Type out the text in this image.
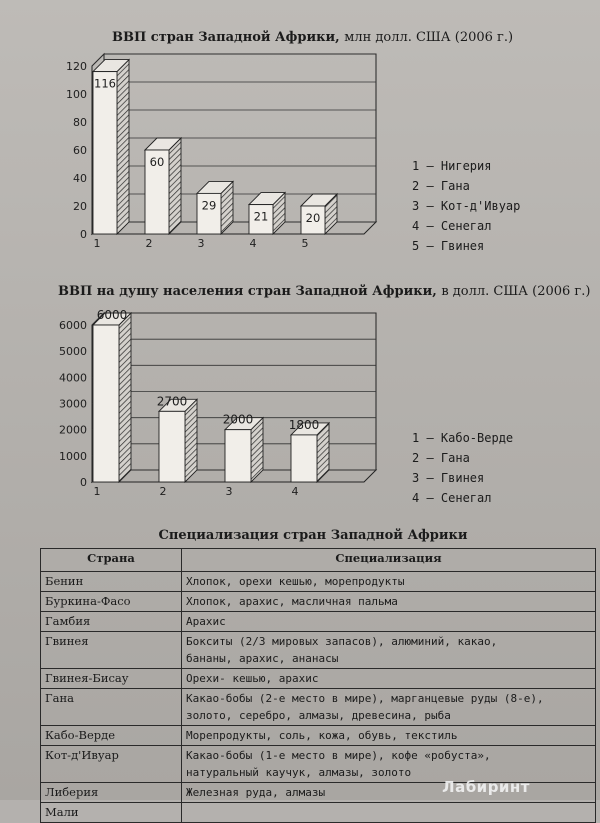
ВВП стран Западной Африки, млн долл. США (2006 г.)
0
20
40
60
80
100
120
116
1
60
2
29
3
21
4
20
5
0
1000
2000
3000
4000
5000
6000
6000
1
2700
2
2000
3
1800
4
1 — Нигерия
2 — Гана
3 — Кот-д'Ивуар
4 — Сенегал
5 — Гвинея
ВВП на душу населения стран Западной Африки, в долл. США (2006 г.)
1 — Кабо-Верде
2 — Гана
3 — Гвинея
4 — Сенегал
Специализация стран Западной Африки
Страна	Специализация
Бенин	Хлопок, орехи кешью, морепродукты

Буркина-Фасо	Хлопок, арахис, масличная пальма

Гамбия	Арахис

Гвинея	Бокситы (2/3 мировых запасов), алюминий, какао,
бананы, арахис, ананасы

Гвинея-Бисау	Орехи- кешью, арахис

Гана	Какао-бобы (2-е место в мире), марганцевые руды (8-е),
золото, серебро, алмазы, древесина, рыба

Кабо-Верде	Морепродукты, соль, кожа, обувь, текстиль

Кот-д'Ивуар	Какао-бобы (1-е место в мире), кофе «робуста»,
натуральный каучук, алмазы, золото

Либерия	Железная руда, алмазы

Мали	

Лабиринт
